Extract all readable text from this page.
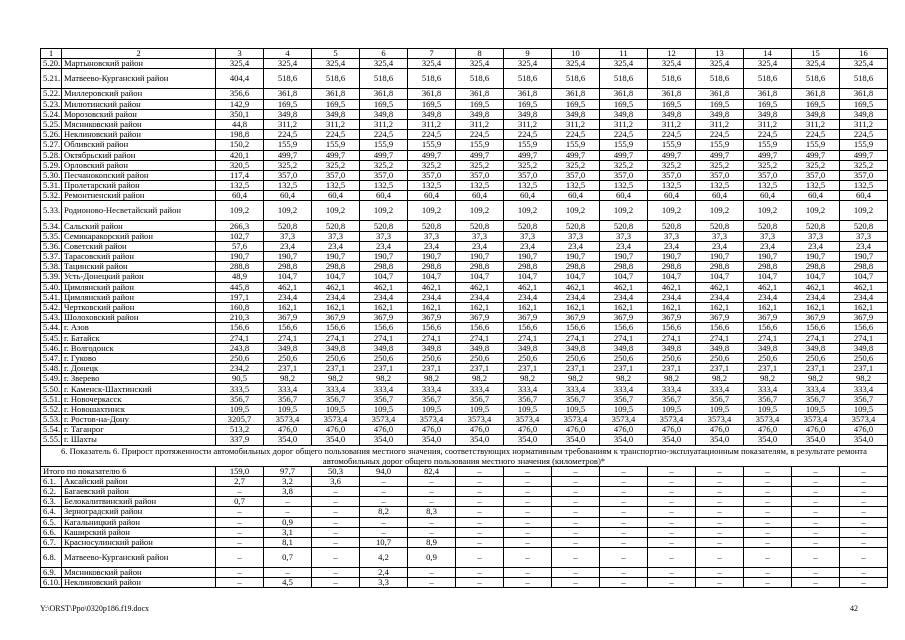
1	2	3	4	5	6	7	8	9	10	11	12	13	14	15	16
5.20.	Мартыновский район	325,4	325,4	325,4	325,4	325,4	325,4	325,4	325,4	325,4	325,4	325,4	325,4	325,4	325,4
5.21.	Матвеево-Курганский район	404,4	518,6	518,6	518,6	518,6	518,6	518,6	518,6	518,6	518,6	518,6	518,6	518,6	518,6
5.22.	Миллеровский район	356,6	361,8	361,8	361,8	361,8	361,8	361,8	361,8	361,8	361,8	361,8	361,8	361,8	361,8
5.23.	Милютинский район	142,9	169,5	169,5	169,5	169,5	169,5	169,5	169,5	169,5	169,5	169,5	169,5	169,5	169,5
5.24.	Морозовский район	350,1	349,8	349,8	349,8	349,8	349,8	349,8	349,8	349,8	349,8	349,8	349,8	349,8	349,8
5.25.	Мясниковский район	44,8	311,2	311,2	311,2	311,2	311,2	311,2	311,2	311,2	311,2	311,2	311,2	311,2	311,2
5.26.	Неклиновский район	198,8	224,5	224,5	224,5	224,5	224,5	224,5	224,5	224,5	224,5	224,5	224,5	224,5	224,5
5.27.	Обливский район	150,2	155,9	155,9	155,9	155,9	155,9	155,9	155,9	155,9	155,9	155,9	155,9	155,9	155,9
5.28.	Октябрьский район	420,1	499,7	499,7	499,7	499,7	499,7	499,7	499,7	499,7	499,7	499,7	499,7	499,7	499,7
5.29.	Орловский район	320,5	325,2	325,2	325,2	325,2	325,2	325,2	325,2	325,2	325,2	325,2	325,2	325,2	325,2
5.30.	Песчанокопский район	117,4	357,0	357,0	357,0	357,0	357,0	357,0	357,0	357,0	357,0	357,0	357,0	357,0	357,0
5.31.	Пролетарский район	132,5	132,5	132,5	132,5	132,5	132,5	132,5	132,5	132,5	132,5	132,5	132,5	132,5	132,5
5.32.	Ремонтненский район	60,4	60,4	60,4	60,4	60,4	60,4	60,4	60,4	60,4	60,4	60,4	60,4	60,4	60,4
5.33.	Родионово-Несветайский район	109,2	109,2	109,2	109,2	109,2	109,2	109,2	109,2	109,2	109,2	109,2	109,2	109,2	109,2
5.34.	Сальский район	266,3	520,8	520,8	520,8	520,8	520,8	520,8	520,8	520,8	520,8	520,8	520,8	520,8	520,8
5.35.	Семикаракорский район	102,7	37,3	37,3	37,3	37,3	37,3	37,3	37,3	37,3	37,3	37,3	37,3	37,3	37,3
5.36.	Советский район	57,6	23,4	23,4	23,4	23,4	23,4	23,4	23,4	23,4	23,4	23,4	23,4	23,4	23,4
5.37.	Тарасовский район	190,7	190,7	190,7	190,7	190,7	190,7	190,7	190,7	190,7	190,7	190,7	190,7	190,7	190,7
5.38.	Тацинский район	288,8	298,8	298,8	298,8	298,8	298,8	298,8	298,8	298,8	298,8	298,8	298,8	298,8	298,8
5.39.	Усть-Донецкий район	48,9	104,7	104,7	104,7	104,7	104,7	104,7	104,7	104,7	104,7	104,7	104,7	104,7	104,7
5.40.	Цимлянский район	445,8	462,1	462,1	462,1	462,1	462,1	462,1	462,1	462,1	462,1	462,1	462,1	462,1	462,1
5.41.	Цимлянский район	197,1	234,4	234,4	234,4	234,4	234,4	234,4	234,4	234,4	234,4	234,4	234,4	234,4	234,4
5.42.	Чертковский район	160,8	162,1	162,1	162,1	162,1	162,1	162,1	162,1	162,1	162,1	162,1	162,1	162,1	162,1
5.43.	Шолоховский район	210,3	367,9	367,9	367,9	367,9	367,9	367,9	367,9	367,9	367,9	367,9	367,9	367,9	367,9
5.44.	г. Азов	156,6	156,6	156,6	156,6	156,6	156,6	156,6	156,6	156,6	156,6	156,6	156,6	156,6	156,6
5.45.	г. Батайск	274,1	274,1	274,1	274,1	274,1	274,1	274,1	274,1	274,1	274,1	274,1	274,1	274,1	274,1
5.46.	г. Волгодонск	243,8	349,8	349,8	349,8	349,8	349,8	349,8	349,8	349,8	349,8	349,8	349,8	349,8	349,8
5.47.	г. Гуково	250,6	250,6	250,6	250,6	250,6	250,6	250,6	250,6	250,6	250,6	250,6	250,6	250,6	250,6
5.48.	г. Донецк	234,2	237,1	237,1	237,1	237,1	237,1	237,1	237,1	237,1	237,1	237,1	237,1	237,1	237,1
5.49.	г. Зверево	90,5	98,2	98,2	98,2	98,2	98,2	98,2	98,2	98,2	98,2	98,2	98,2	98,2	98,2
5.50.	г. Каменск-Шахтинский	333,5	333,4	333,4	333,4	333,4	333,4	333,4	333,4	333,4	333,4	333,4	333,4	333,4	333,4
5.51.	г. Новочеркасск	356,7	356,7	356,7	356,7	356,7	356,7	356,7	356,7	356,7	356,7	356,7	356,7	356,7	356,7
5.52.	г. Новошахтинск	109,5	109,5	109,5	109,5	109,5	109,5	109,5	109,5	109,5	109,5	109,5	109,5	109,5	109,5
5.53.	г. Ростов-на-Дону	3205,7	3573,4	3573,4	3573,4	3573,4	3573,4	3573,4	3573,4	3573,4	3573,4	3573,4	3573,4	3573,4	3573,4
5.54.	г. Таганрог	513,2	476,0	476,0	476,0	476,0	476,0	476,0	476,0	476,0	476,0	476,0	476,0	476,0	476,0
5.55.	г. Шахты	337,9	354,0	354,0	354,0	354,0	354,0	354,0	354,0	354,0	354,0	354,0	354,0	354,0	354,0
6. Показатель 6. Прирост протяженности автомобильных дорог общего пользования местного значения, соответствующих нормативным требованиям к транспортно-эксплуатационным показателям, в результате ремонта автомобильных дорог общего пользования местного значения (километров)*															
Итого по показателю 6		159,0	97,7	50,3	94,0	82,4	–	–	–	–	–	–	–	–	–
6.1.	Аксайский район	2,7	3,2	3,6	–	–	–	–	–	–	–	–	–	–	–
6.2.	Багаевский район	–	3,8	–	–	–	–	–	–	–	–	–	–	–	–
6.3.	Белокалитвинский район	0,7	–	–	–	–	–	–	–	–	–	–	–	–	–
6.4.	Зерноградский район	–	–	–	8,2	8,3	–	–	–	–	–	–	–	–	–
6.5.	Кагальницкий район	–	0,9	–	–	–	–	–	–	–	–	–	–	–	–
6.6.	Каширский район	–	3,1	–	–	–	–	–	–	–	–	–	–	–	–
6.7.	Красносулинский район	–	8,1	–	10,7	8,9	–	–	–	–	–	–	–	–	–
6.8.	Матвеево-Курганский район	–	0,7	–	4,2	0,9	–	–	–	–	–	–	–	–	–
6.9.	Мясниковский район	–	–	–	2,4	–	–	–	–	–	–	–	–	–	–
6.10.	Неклиновский район	–	4,5	–	3,3	–	–	–	–	–	–	–	–	–	–
Y:\ORST\Ppo\0320p186.f19.docx	42
